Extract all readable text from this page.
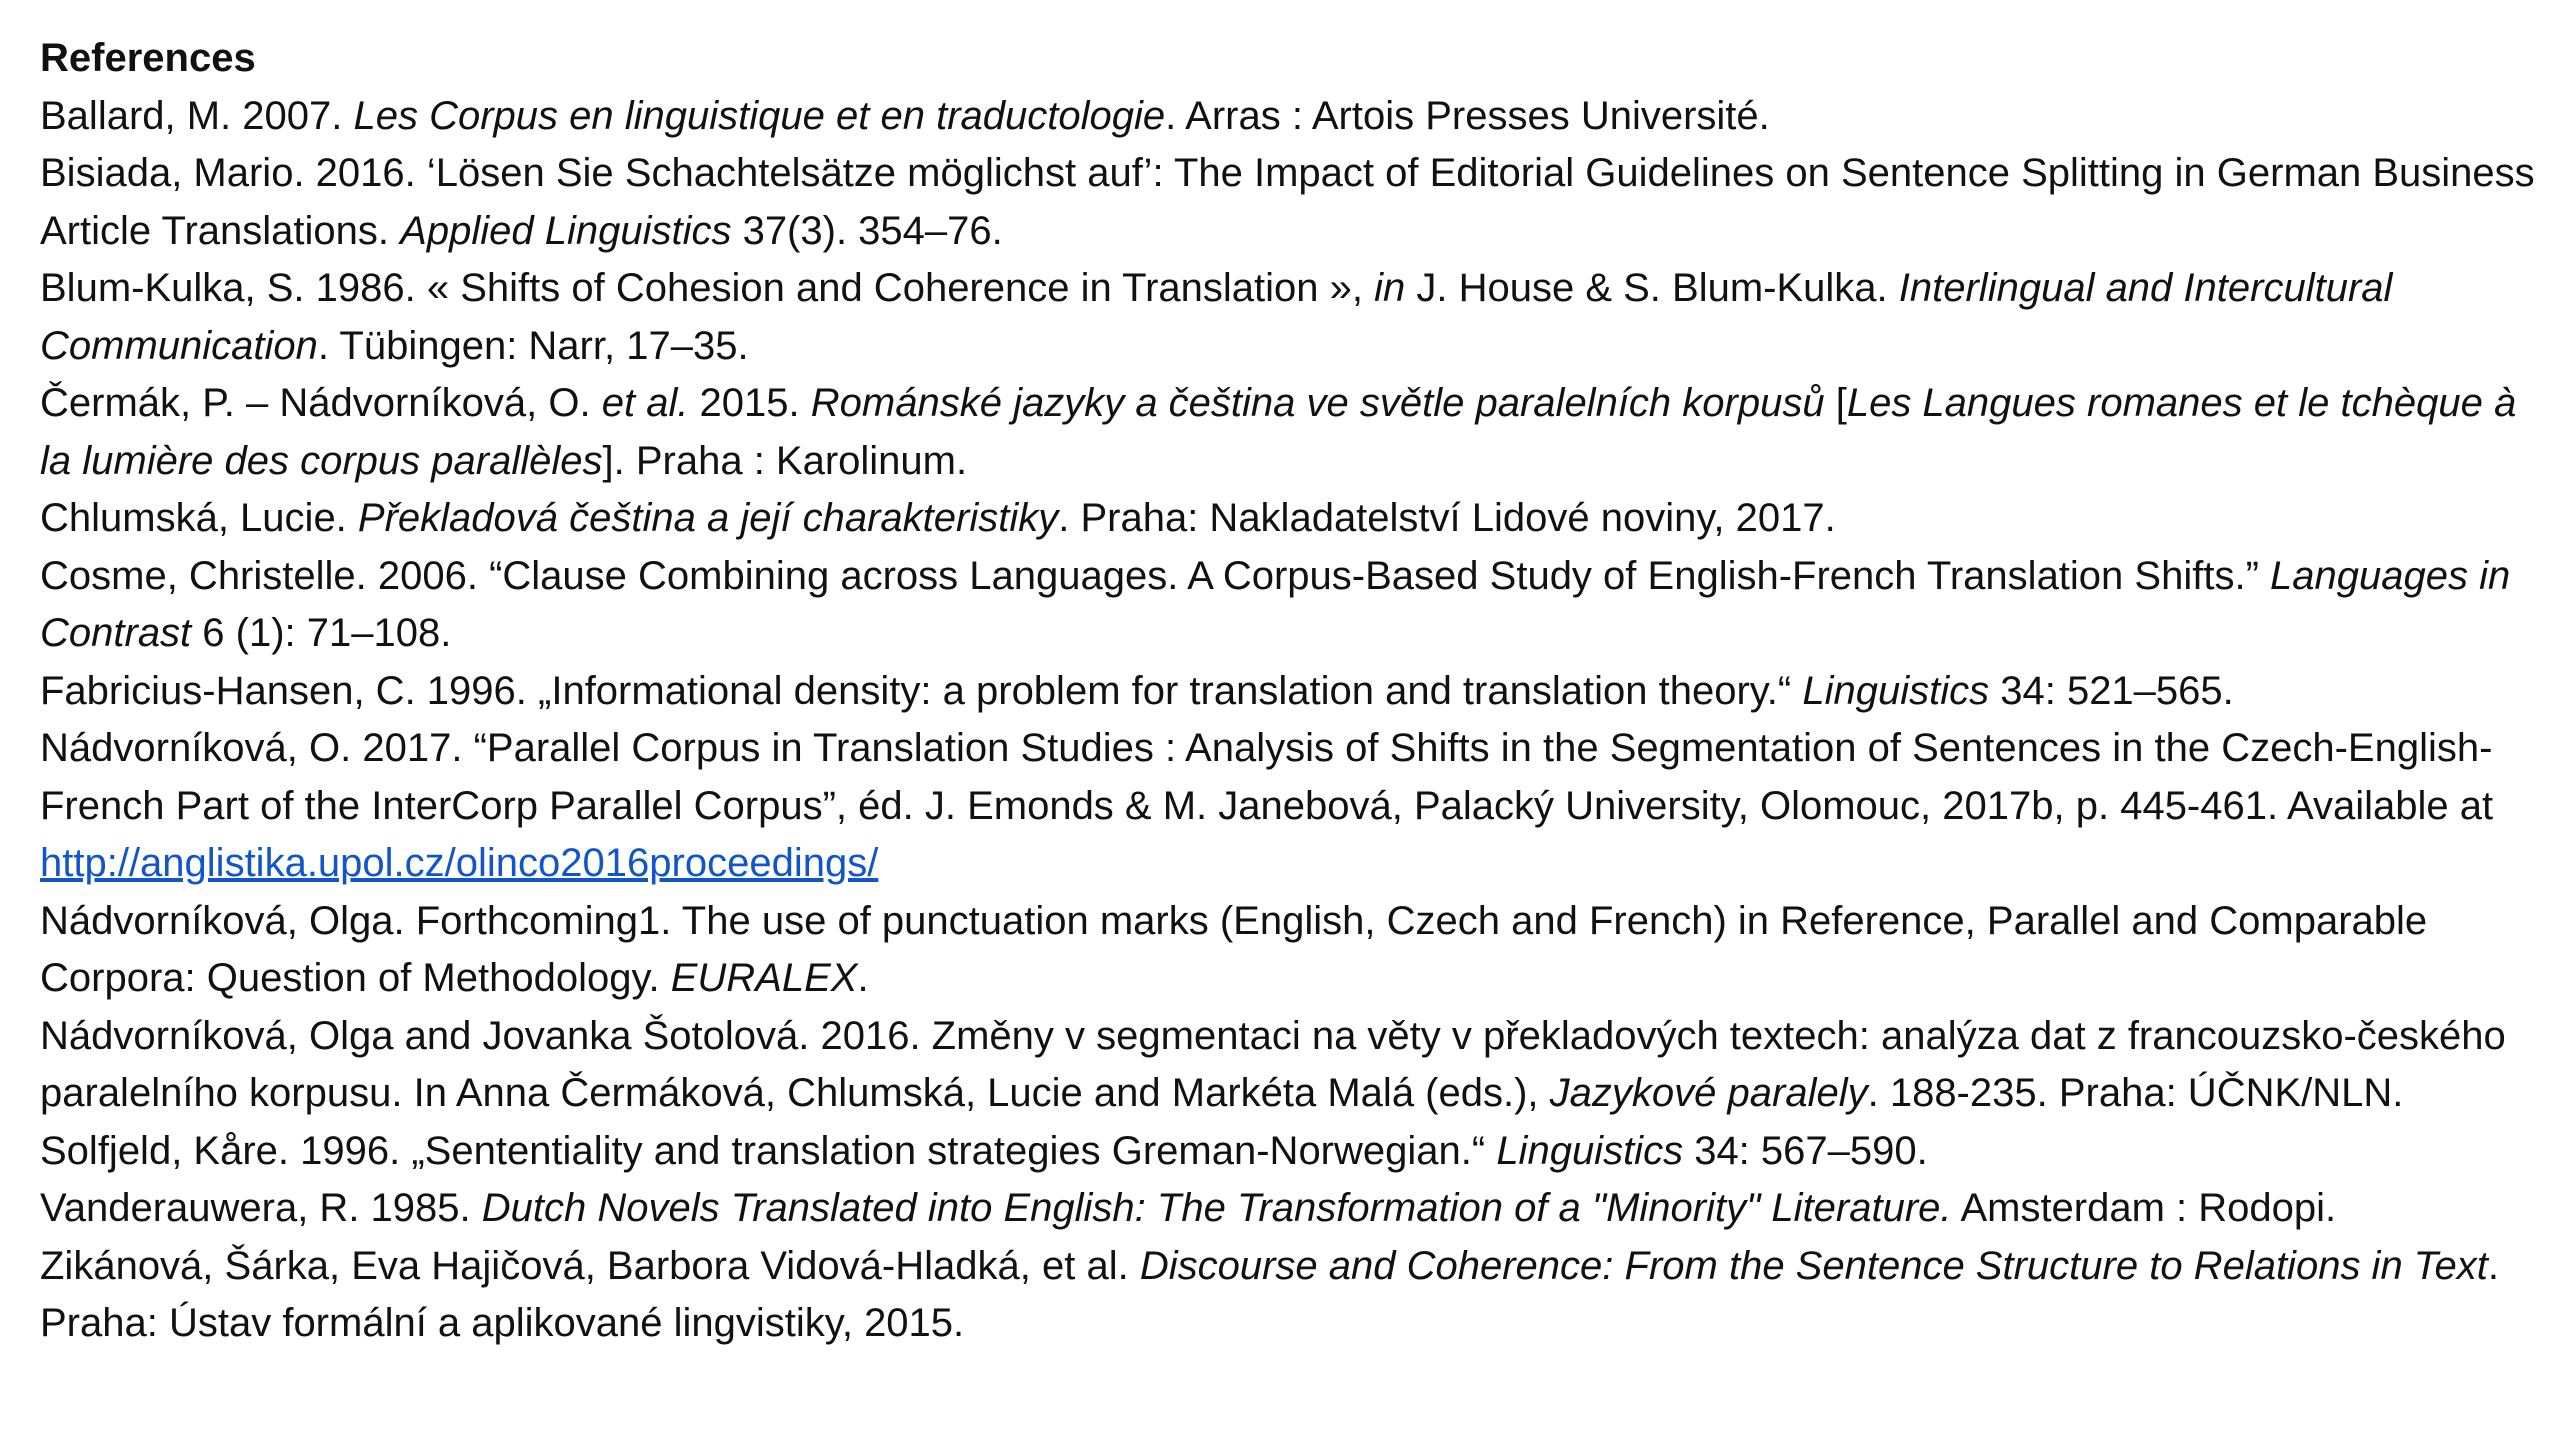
References

Ballard, M. 2007. Les Corpus en linguistique et en traductologie. Arras : Artois Presses Université.

Bisiada, Mario. 2016. ‘Lösen Sie Schachtelsätze möglichst auf’: The Impact of Editorial Guidelines on Sentence Splitting in German Business Article Translations. Applied Linguistics 37(3). 354–76.

Blum-Kulka, S. 1986. « Shifts of Cohesion and Coherence in Translation », in J. House & S. Blum-Kulka. Interlingual and Intercultural Communication. Tübingen: Narr, 17–35.

Čermák, P. – Nádvorníková, O. et al. 2015. Románské jazyky a čeština ve světle paralelních korpusů [Les Langues romanes et le tchèque à la lumière des corpus parallèles]. Praha : Karolinum.

Chlumská, Lucie. Překladová čeština a její charakteristiky. Praha: Nakladatelství Lidové noviny, 2017.

Cosme, Christelle. 2006. “Clause Combining across Languages. A Corpus-Based Study of English-French Translation Shifts.” Languages in Contrast 6 (1): 71–108.

Fabricius-Hansen, C. 1996. „Informational density: a problem for translation and translation theory.“ Linguistics 34: 521–565.

Nádvorníková, O. 2017. “Parallel Corpus in Translation Studies : Analysis of Shifts in the Segmentation of Sentences in the Czech-English-French Part of the InterCorp Parallel Corpus”, éd. J. Emonds & M. Janebová, Palacký University, Olomouc, 2017b, p. 445-461. Available at http://anglistika.upol.cz/olinco2016proceedings/

Nádvorníková, Olga. Forthcoming1. The use of punctuation marks (English, Czech and French) in Reference, Parallel and Comparable Corpora: Question of Methodology. EURALEX.

Nádvorníková, Olga and Jovanka Šotolová. 2016. Změny v segmentaci na věty v překladových textech: analýza dat z francouzsko-českého paralelního korpusu. In Anna Čermáková, Chlumská, Lucie and Markéta Malá (eds.), Jazykové paralely. 188-235. Praha: ÚČNK/NLN.

Solfjeld, Kåre. 1996. „Sententiality and translation strategies Greman-Norwegian.“ Linguistics 34: 567–590.

Vanderauwera, R. 1985. Dutch Novels Translated into English: The Transformation of a "Minority" Literature. Amsterdam : Rodopi.

Zikánová, Šárka, Eva Hajičová, Barbora Vidová-Hladká, et al. Discourse and Coherence: From the Sentence Structure to Relations in Text. Praha: Ústav formální a aplikované lingvistiky, 2015.
